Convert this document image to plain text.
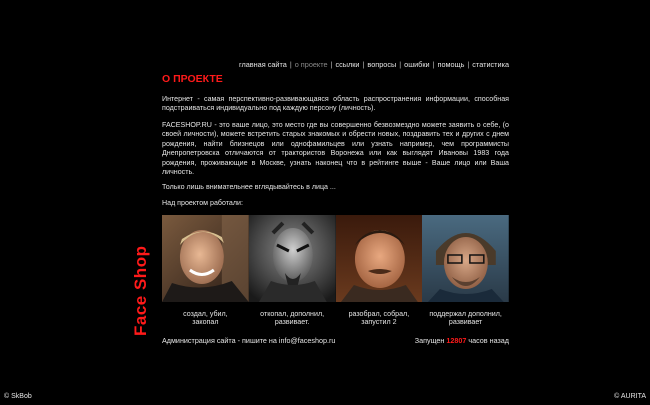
главная сайта | о проекте | ссылки | вопросы | ошибки | помощь | статистика
О ПРОЕКТЕ
Интернет - самая перспективно-развивающаяся область распространения информации, способная подстраиваться индивидуально под каждую персону (личность).
FACESHOP.RU - это ваше лицо, это место где вы совершенно безвозмездно можете заявить о себе, (о своей личности), можете встретить старых знакомых и обрести новых, поздравить тех и других с днем рождения, найти близнецов или однофамильцев или узнать например, чем программисты Днепропетровска отличаются от трактористов Воронежа или как выглядят Ивановы 1983 года рождения, проживающие в Москве, узнать наконец что в рейтинге выше - Ваше лицо или Ваша личность.
Только лишь внимательнее вглядывайтесь в лица ...
Над проектом работали:
Face Shop	создал, убил,
закопал
откопал, дополнил,
развивает.
разобрал, собрал,
запустил 2
поддержал дополнил,
развивает
Администрация сайта - пишите на info@faceshop.ru	Запущен 12807 часов назад
© SkBob	© AURITA
